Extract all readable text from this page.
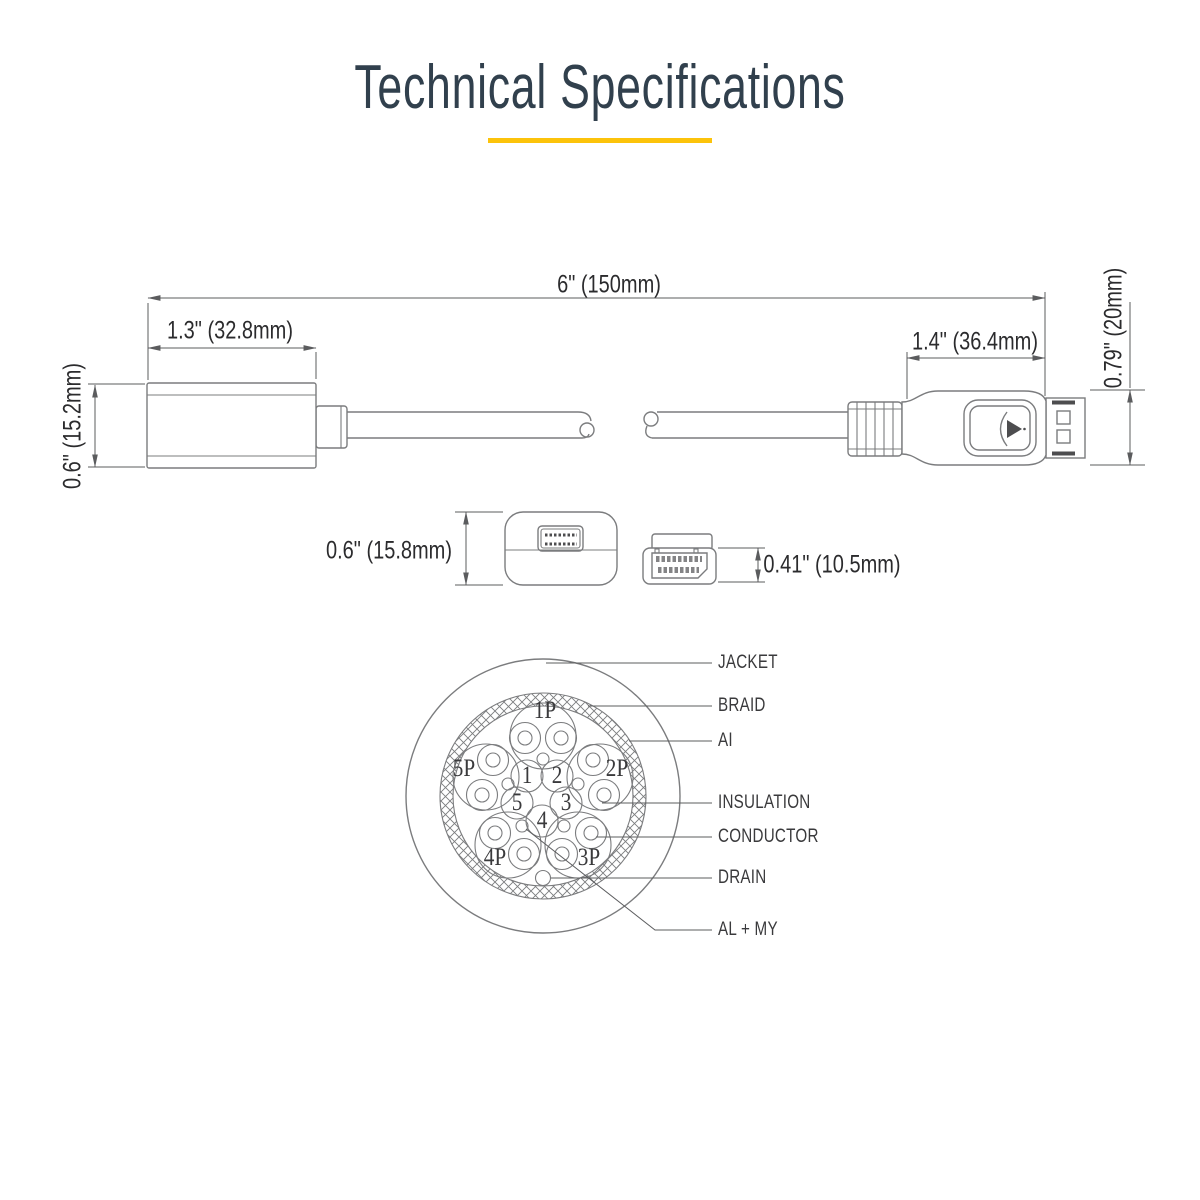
Technical Specifications
6" (150mm)
1.3" (32.8mm)	1.4" (36.4mm)
0.6" (15.2mm)
0.79" (20mm)
0.6" (15.8mm)	0.41" (10.5mm)
JACKET
BRAID
AI
INSULATION
CONDUCTOR
DRAIN
AL + MY
1P
2P
3P
4P
5P 1 2
3
4
5
